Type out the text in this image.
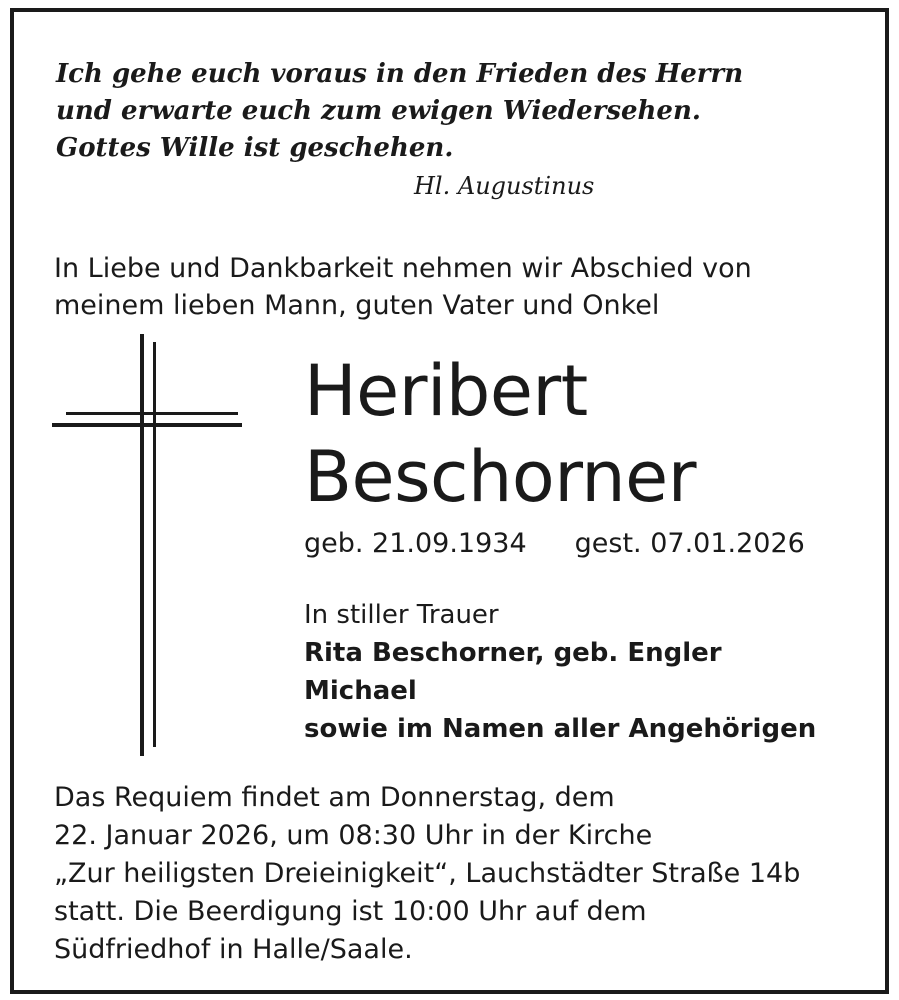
Ich gehe euch voraus in den Frieden des Herrn
und erwarte euch zum ewigen Wiedersehen.
Gottes Wille ist geschehen.
Hl. Augustinus
In Liebe und Dankbarkeit nehmen wir Abschied von
meinem lieben Mann, guten Vater und Onkel
Heribert
Beschorner
geb. 21.09.1934 gest. 07.01.2026
In stiller Trauer
Rita Beschorner, geb. Engler
Michael
sowie im Namen aller Angehörigen
Das Requiem findet am Donnerstag, dem
22. Januar 2026, um 08:30 Uhr in der Kirche
„Zur heiligsten Dreieinigkeit“, Lauchstädter Straße 14b
statt. Die Beerdigung ist 10:00 Uhr auf dem
Südfriedhof in Halle/Saale.
